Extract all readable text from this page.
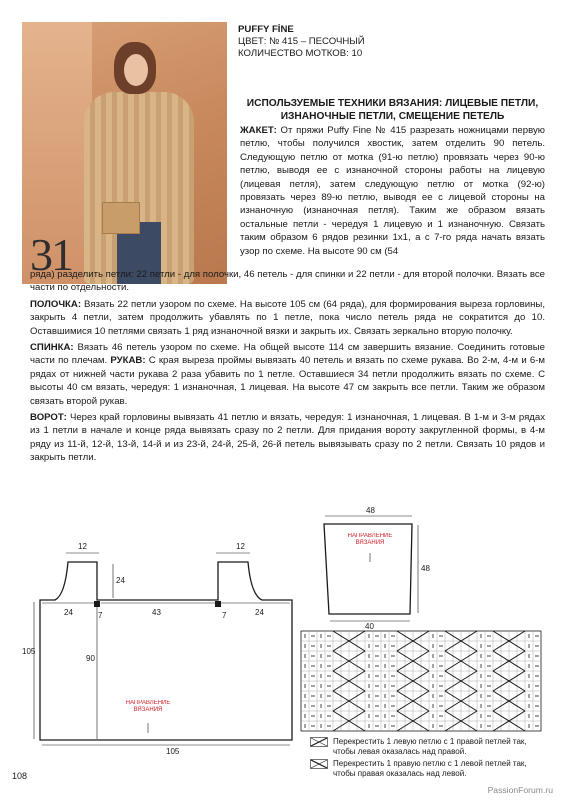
31
PUFFY FİNE
ЦВЕТ: № 415 – ПЕСОЧНЫЙ
КОЛИЧЕСТВО МОТКОВ: 10
ИСПОЛЬЗУЕМЫЕ ТЕХНИКИ ВЯЗАНИЯ: ЛИЦЕВЫЕ ПЕТЛИ, ИЗНАНОЧНЫЕ ПЕТЛИ, СМЕЩЕНИЕ ПЕТЕЛЬ
ЖАКЕТ: От пряжи Puffy Fine № 415 разрезать ножницами первую петлю, чтобы получился хвостик, затем отделить 90 петель. Следующую петлю от мотка (91-ю петлю) провязать через 90-ю петлю, выводя ее с изнаночной стороны работы на лицевую (лицевая петля), затем следующую петлю от мотка (92-ю) провязать через 89-ю петлю, выводя ее с лицевой стороны на изнаночную (изнаночная петля). Таким же образом вязать остальные петли - чередуя 1 лицевую и 1 изнаночную. Связать таким образом 6 рядов резинки 1х1, а с 7-го ряда начать вязать узор по схеме. На высоте 90 см (54

ряда) разделить петли: 22 петли - для полочки, 46 петель - для спинки и 22 петли - для второй полочки. Вязать все части по отдельности.

ПОЛОЧКА: Вязать 22 петли узором по схеме. На высоте 105 см (64 ряда), для формирования выреза горловины, закрыть 4 петли, затем продолжить убавлять по 1 петле, пока число петель ряда не сократится до 10. Оставшимися 10 петлями связать 1 ряд изнаночной вязки и закрыть их. Связать зеркально вторую полочку.

СПИНКА: Вязать 46 петель узором по схеме. На общей высоте 114 см завершить вязание. Соединить готовые части по плечам. РУКАВ: С края выреза проймы вывязать 40 петель и вязать по схеме рукава. Во 2-м, 4-м и 6-м рядах от нижней части рукава 2 раза убавить по 1 петле. Оставшиеся 34 петли продолжить вязать по схеме. С высоты 40 см вязать, чередуя: 1 изнаночная, 1 лицевая. На высоте 47 см закрыть все петли. Таким же образом связать второй рукав.

ВОРОТ: Через край горловины вывязать 41 петлю и вязать, чередуя: 1 изнаночная, 1 лицевая. В 1-м и 3-м рядах из 1 петли в начале и конце ряда вывязать сразу по 2 петли. Для придания вороту закругленной формы, в 4-м ряду из 11-й, 12-й, 13-й, 14-й и из 23-й, 24-й, 25-й, 26-й петель вывязывать сразу по 2 петли. Связать 10 рядов и закрыть петли.

12	12
24
24	43	24
7	7
105
90
105
НАПРАВЛЕНИЕ ВЯЗАНИЯ
48
48
40
НАПРАВЛЕНИЕ ВЯЗАНИЯ
Перекрестить 1 левую петлю с 1 правой петлей так, чтобы левая оказалась над правой.
Перекрестить 1 правую петлю с 1 левой петлей так, чтобы правая оказалась над левой.
108
PassionForum.ru
